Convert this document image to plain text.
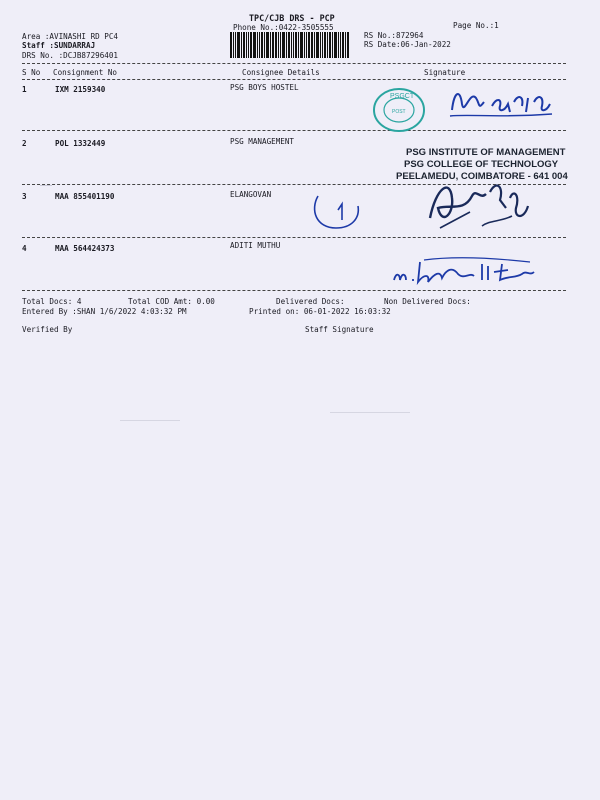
TPC/CJB DRS - PCP
Phone No.:0422-3505555	Page No.:1
Area :AVINASHI RD PC4
Staff :SUNDARRAJ
DRS No. :DCJB87296401
RS No.:872964
RS Date:06-Jan-2022
S No Consignment No	Consignee Details	Signature
1	IXM 2159340	PSG BOYS HOSTEL
2	POL 1332449	PSG MANAGEMENT
3	MAA 855401190	ELANGOVAN
4	MAA 564424373	ADITI MUTHU
Total Docs: 4	Total COD Amt: 0.00	Delivered Docs:	Non Delivered Docs:
Entered By :SHAN 1/6/2022 4:03:32 PM	Printed on: 06-01-2022 16:03:32
Verified By	Staff Signature
PSGCT
POST
PSG INSTITUTE OF MANAGEMENT
PSG COLLEGE OF TECHNOLOGY
PEELAMEDU, COIMBATORE - 641 004
